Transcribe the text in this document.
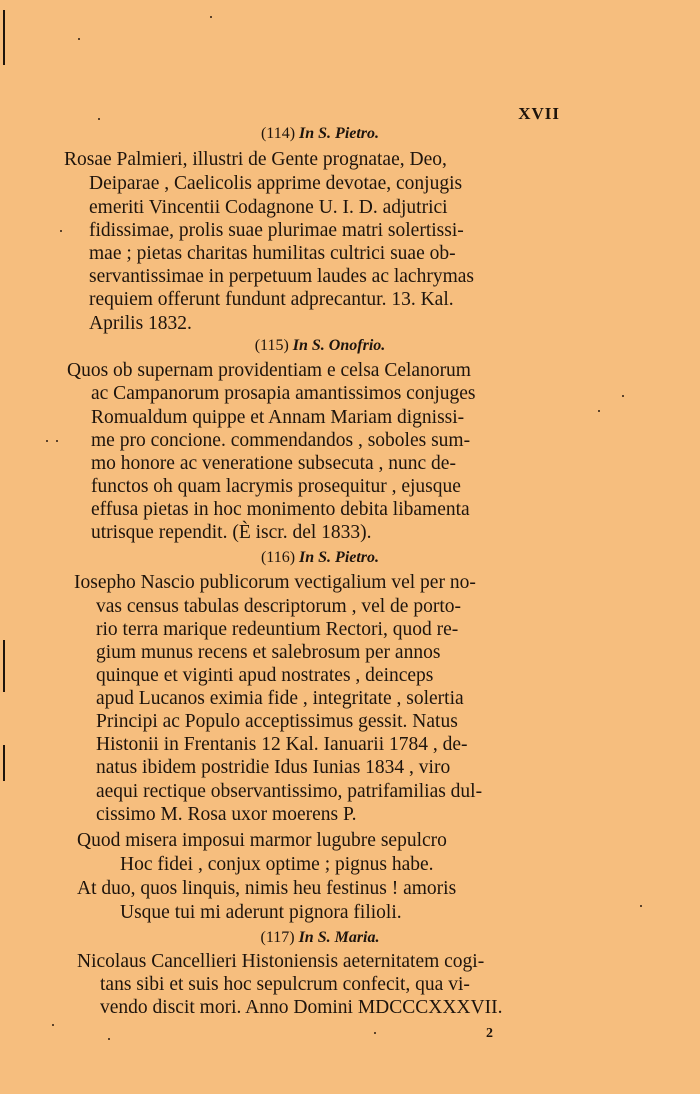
XVII
(114) In S. Pietro.
Rosae Palmieri, illustri de Gente prognatae, Deo,
Deiparae , Caelicolis apprime devotae, conjugis
emeriti Vincentii Codagnone U. I. D. adjutrici
fidissimae, prolis suae plurimae matri solertissi-
mae ; pietas charitas humilitas cultrici suae ob-
servantissimae in perpetuum laudes ac lachrymas
requiem offerunt fundunt adprecantur. 13. Kal.
Aprilis 1832.
(115) In S. Onofrio.
Quos ob supernam providentiam e celsa Celanorum
ac Campanorum prosapia amantissimos conjuges
Romualdum quippe et Annam Mariam dignissi-
me pro concione. commendandos , soboles sum-
mo honore ac veneratione subsecuta , nunc de-
functos oh quam lacrymis prosequitur , ejusque
effusa pietas in hoc monimento debita libamenta
utrisque rependit. (È iscr. del 1833).
(116) In S. Pietro.
Iosepho Nascio publicorum vectigalium vel per no-
vas census tabulas descriptorum , vel de porto-
rio terra marique redeuntium Rectori, quod re-
gium munus recens et salebrosum per annos
quinque et viginti apud nostrates , deinceps
apud Lucanos eximia fide , integritate , solertia
Principi ac Populo acceptissimus gessit. Natus
Histonii in Frentanis 12 Kal. Ianuarii 1784 , de-
natus ibidem postridie Idus Iunias 1834 , viro
aequi rectique observantissimo, patrifamilias dul-
cissimo M. Rosa uxor moerens P.
Quod misera imposui marmor lugubre sepulcro
Hoc fidei , conjux optime ; pignus habe.
At duo, quos linquis, nimis heu festinus ! amoris
Usque tui mi aderunt pignora filioli.
(117) In S. Maria.
Nicolaus Cancellieri Histoniensis aeternitatem cogi-
tans sibi et suis hoc sepulcrum confecit, qua vi-
vendo discit mori. Anno Domini MDCCCXXXVII.
2
